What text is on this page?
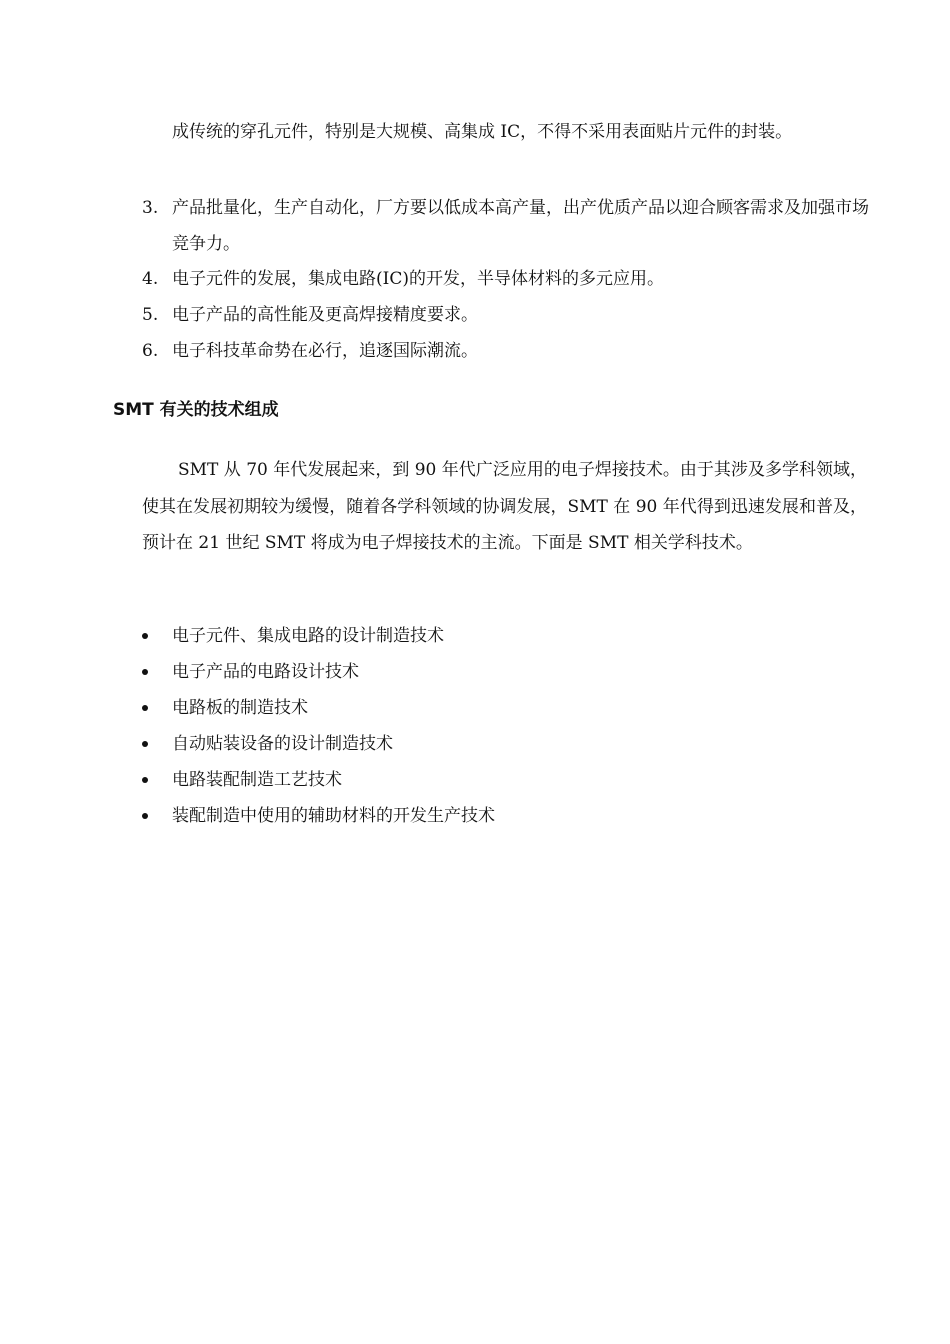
成传统的穿孔元件，特别是大规模、高集成 IC，不得不采用表面贴片元件的封装。
3. 产品批量化，生产自动化，厂方要以低成本高产量，出产优质产品以迎合顾客需求及加强市场竞争力。
4. 电子元件的发展，集成电路(IC)的开发，半导体材料的多元应用。
5. 电子产品的高性能及更高焊接精度要求。
6. 电子科技革命势在必行，追逐国际潮流。
SMT 有关的技术组成
SMT 从 70 年代发展起来，到 90 年代广泛应用的电子焊接技术。由于其涉及多学科领域，使其在发展初期较为缓慢，随着各学科领域的协调发展，SMT 在 90 年代得到迅速发展和普及，预计在 21 世纪 SMT 将成为电子焊接技术的主流。下面是 SMT 相关学科技术。
电子元件、集成电路的设计制造技术
电子产品的电路设计技术
电路板的制造技术
自动贴装设备的设计制造技术
电路装配制造工艺技术
装配制造中使用的辅助材料的开发生产技术
